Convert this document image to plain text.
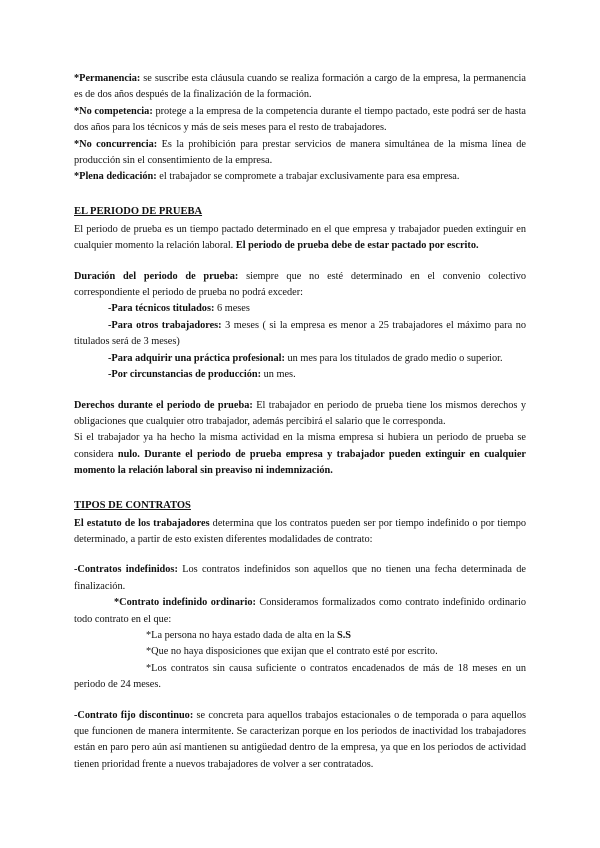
*Permanencia: se suscribe esta cláusula cuando se realiza formación a cargo de la empresa, la permanencia es de dos años después de la finalización de la formación.

*No competencia: protege a la empresa de la competencia durante el tiempo pactado, este podrá ser de hasta dos años para los técnicos y más de seis meses para el resto de trabajadores.

*No concurrencia: Es la prohibición para prestar servicios de manera simultánea de la misma línea de producción sin el consentimiento de la empresa.

*Plena dedicación: el trabajador se compromete a trabajar exclusivamente para esa empresa.

EL PERIODO DE PRUEBA

El periodo de prueba es un tiempo pactado determinado en el que empresa y trabajador pueden extinguir en cualquier momento la relación laboral. El periodo de prueba debe de estar pactado por escrito.

Duración del periodo de prueba: siempre que no esté determinado en el convenio colectivo correspondiente el periodo de prueba no podrá exceder:

-Para técnicos titulados: 6 meses

-Para otros trabajadores: 3 meses ( si la empresa es menor a 25 trabajadores el máximo para no titulados será de 3 meses)

-Para adquirir una práctica profesional: un mes para los titulados de grado medio o superior.

-Por circunstancias de producción: un mes.

Derechos durante el periodo de prueba: El trabajador en periodo de prueba tiene los mismos derechos y obligaciones que cualquier otro trabajador, además percibirá el salario que le corresponda.

Si el trabajador ya ha hecho la misma actividad en la misma empresa si hubiera un periodo de prueba se considera nulo. Durante el periodo de prueba empresa y trabajador pueden extinguir en cualquier momento la relación laboral sin preaviso ni indemnización.

TIPOS DE CONTRATOS

El estatuto de los trabajadores determina que los contratos pueden ser por tiempo indefinido o por tiempo determinado, a partir de esto existen diferentes modalidades de contrato:

-Contratos indefinidos: Los contratos indefinidos son aquellos que no tienen una fecha determinada de finalización.

*Contrato indefinido ordinario: Consideramos formalizados como contrato indefinido ordinario todo contrato en el que:

*La persona no haya estado dada de alta en la S.S

*Que no haya disposiciones que exijan que el contrato esté por escrito.

*Los contratos sin causa suficiente o contratos encadenados de más de 18 meses en un periodo de 24 meses.

-Contrato fijo discontinuo: se concreta para aquellos trabajos estacionales o de temporada o para aquellos que funcionen de manera intermitente. Se caracterizan porque en los periodos de inactividad los trabajadores están en paro pero aún así mantienen su antigüedad dentro de la empresa, ya que en los periodos de actividad tienen prioridad frente a nuevos trabajadores de volver a ser contratados.
